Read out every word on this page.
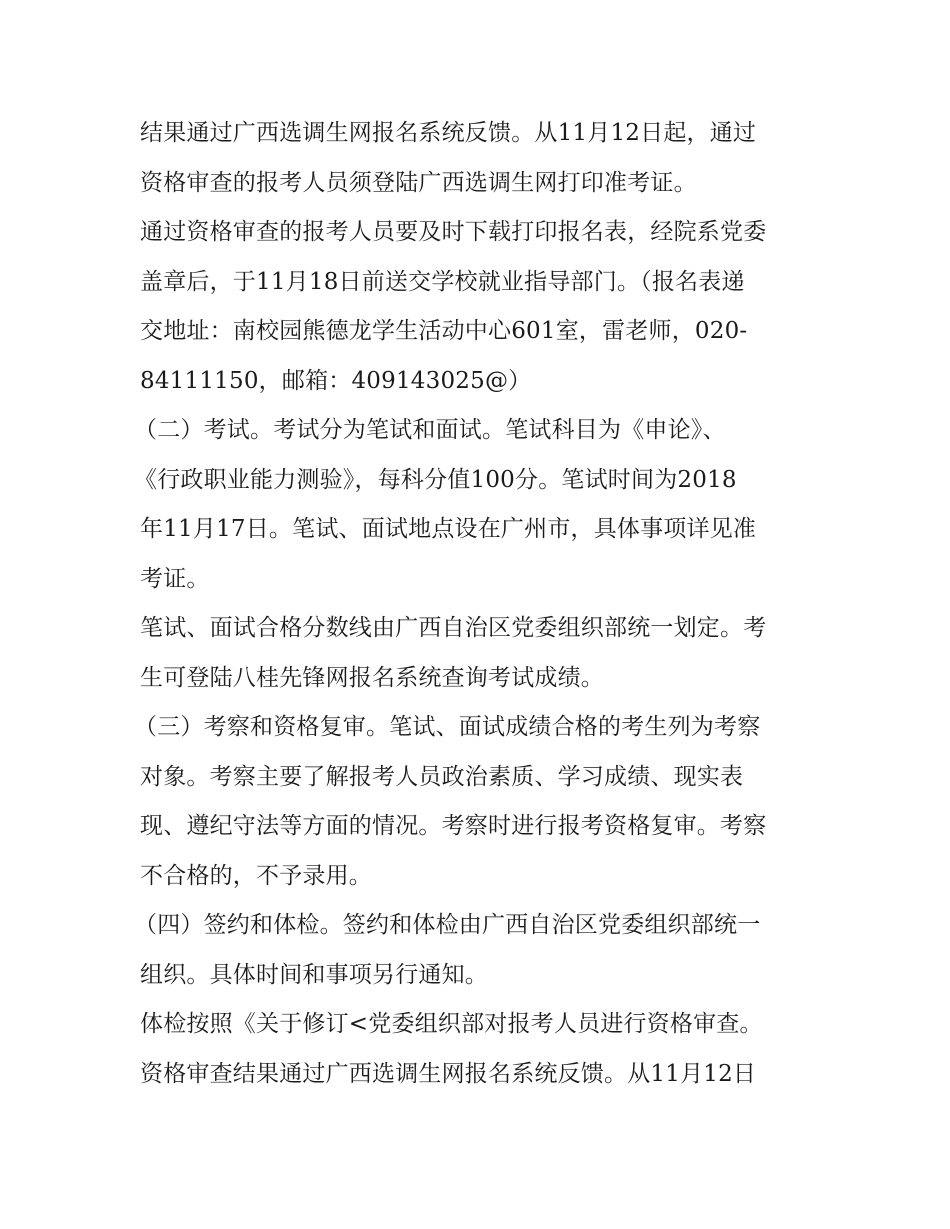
结果通过广西选调生网报名系统反馈。从11月12日起，通过
资格审查的报考人员须登陆广西选调生网打印准考证。
通过资格审查的报考人员要及时下载打印报名表，经院系党委
盖章后，于11月18日前送交学校就业指导部门。（报名表递
交地址：南校园熊德龙学生活动中心601室，雷老师，020-
84111150，邮箱：409143025@）
（二）考试。考试分为笔试和面试。笔试科目为《申论》、
《行政职业能力测验》，每科分值100分。笔试时间为2018
年11月17日。笔试、面试地点设在广州市，具体事项详见准
考证。
笔试、面试合格分数线由广西自治区党委组织部统一划定。考
生可登陆八桂先锋网报名系统查询考试成绩。
（三）考察和资格复审。笔试、面试成绩合格的考生列为考察
对象。考察主要了解报考人员政治素质、学习成绩、现实表
现、遵纪守法等方面的情况。考察时进行报考资格复审。考察
不合格的，不予录用。
（四）签约和体检。签约和体检由广西自治区党委组织部统一
组织。具体时间和事项另行通知。
体检按照《关于修订<党委组织部对报考人员进行资格审查。
资格审查结果通过广西选调生网报名系统反馈。从11月12日
